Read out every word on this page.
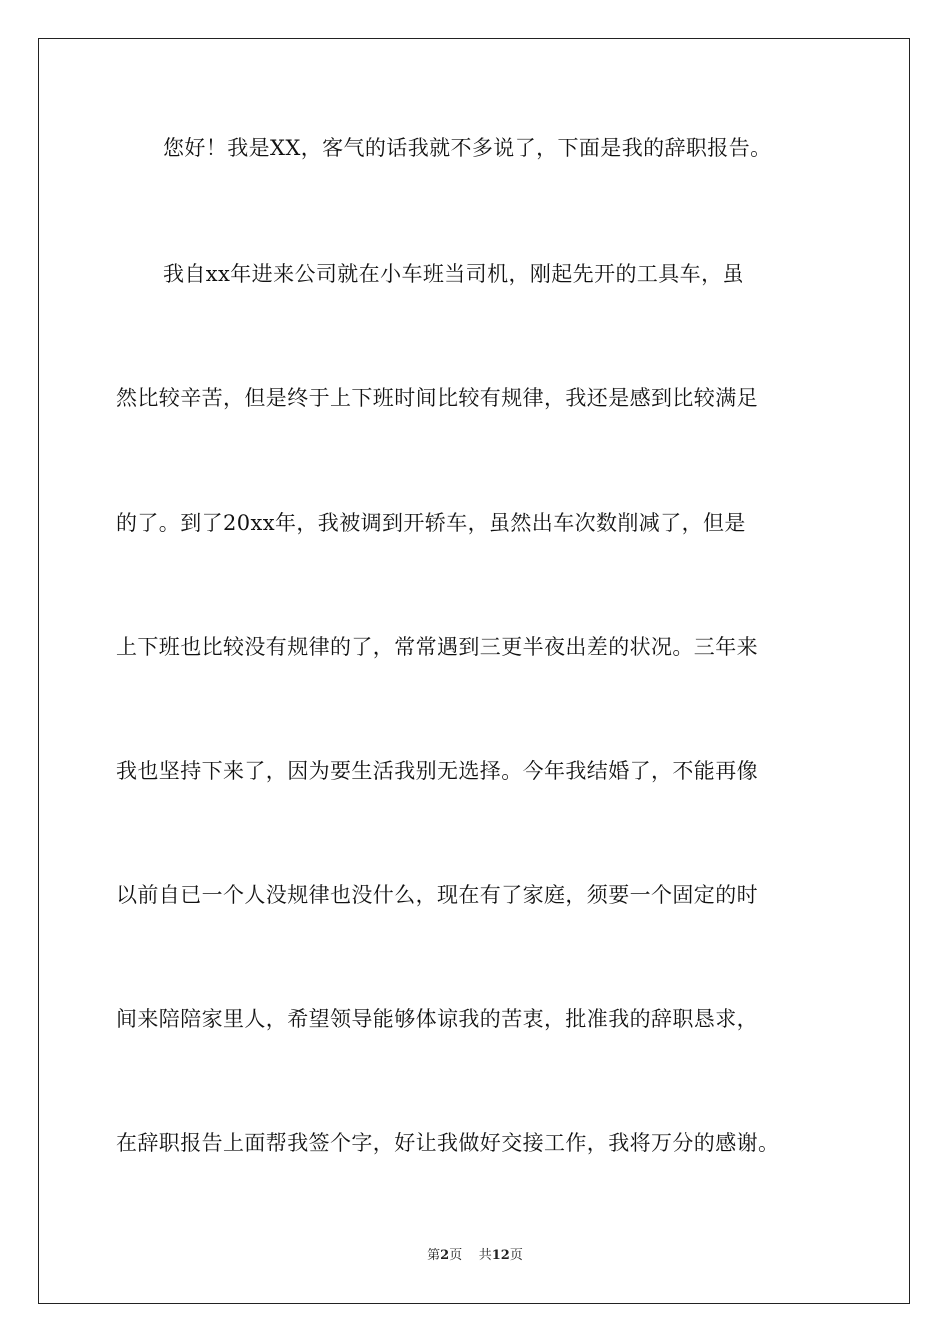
您好！我是XX，客气的话我就不多说了，下面是我的辞职报告。
我自xx年进来公司就在小车班当司机，刚起先开的工具车，虽
然比较辛苦，但是终于上下班时间比较有规律，我还是感到比较满足
的了。到了20xx年，我被调到开轿车，虽然出车次数削减了，但是
上下班也比较没有规律的了，常常遇到三更半夜出差的状况。三年来
我也坚持下来了，因为要生活我别无选择。今年我结婚了，不能再像
以前自已一个人没规律也没什么，现在有了家庭，须要一个固定的时
间来陪陪家里人，希望领导能够体谅我的苦衷，批准我的辞职恳求，
在辞职报告上面帮我签个字，好让我做好交接工作，我将万分的感谢。
第2页 共12页
